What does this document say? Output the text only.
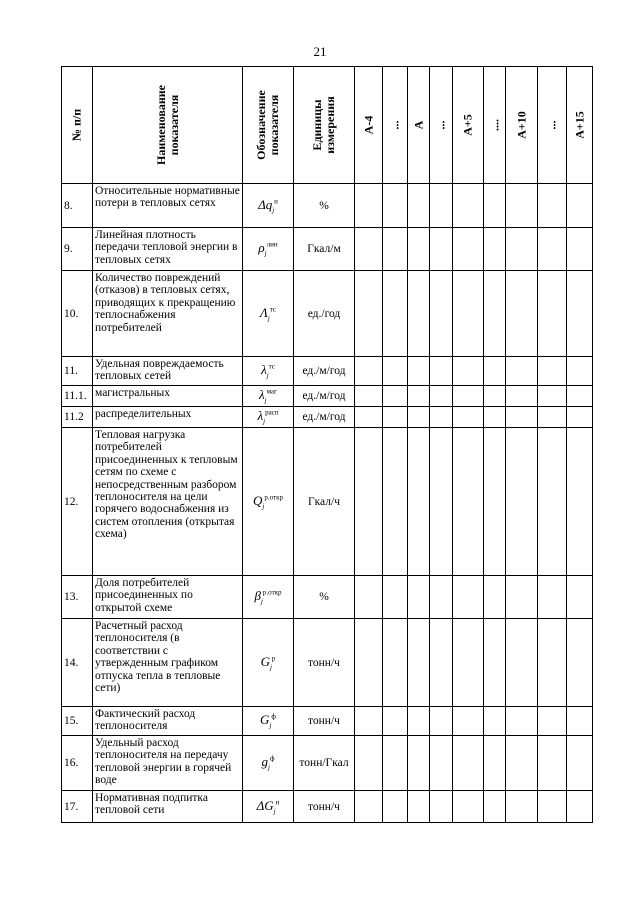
21
№ п/п	Наименование показателя	Обозначение показателя	Единицы измерения	А-4	...	А	...	А+5	....	А+10	...	А+15

8.	Относительные нормативные потери в тепловых сетях	$\Delta q_j^н$	%									
9.	Линейная плотность передачи тепловой энергии в тепловых сетях	$\rho_j^{лин}$	Гкал/м									
10.	Количество повреждений (отказов) в тепловых сетях, приводящих к прекращению теплоснабжения потребителей	$\Lambda_j^{тс}$	ед./год									
11.	Удельная повреждаемость тепловых сетей	$\lambda_j^{тс}$	ед./м/год									
11.1.	магистральных	$\lambda_j^{маг}$	ед./м/год									
11.2	распределительных	$\lambda_j^{расп}$	ед./м/год									
12.	Тепловая нагрузка потребителей присоединенных к тепловым сетям по схеме с непосредственным разбором теплоносителя на цели горячего водоснабжения из систем отопления (открытая схема)	$Q_j^{р.откр}$	Гкал/ч									
13.	Доля потребителей присоединенных по открытой схеме	$\beta_j^{р.откр}$	%									
14.	Расчетный расход теплоносителя (в соответствии с утвержденным графиком отпуска тепла в тепловые сети)	$G_j^р$	тонн/ч									
15.	Фактический расход теплоносителя	$G_j^ф$	тонн/ч									
16.	Удельный расход теплоносителя на передачу тепловой энергии в горячей воде	$g_j^ф$	тонн/Гкал									
17.	Нормативная подпитка тепловой сети	$\Delta G_j^н$	тонн/ч									
